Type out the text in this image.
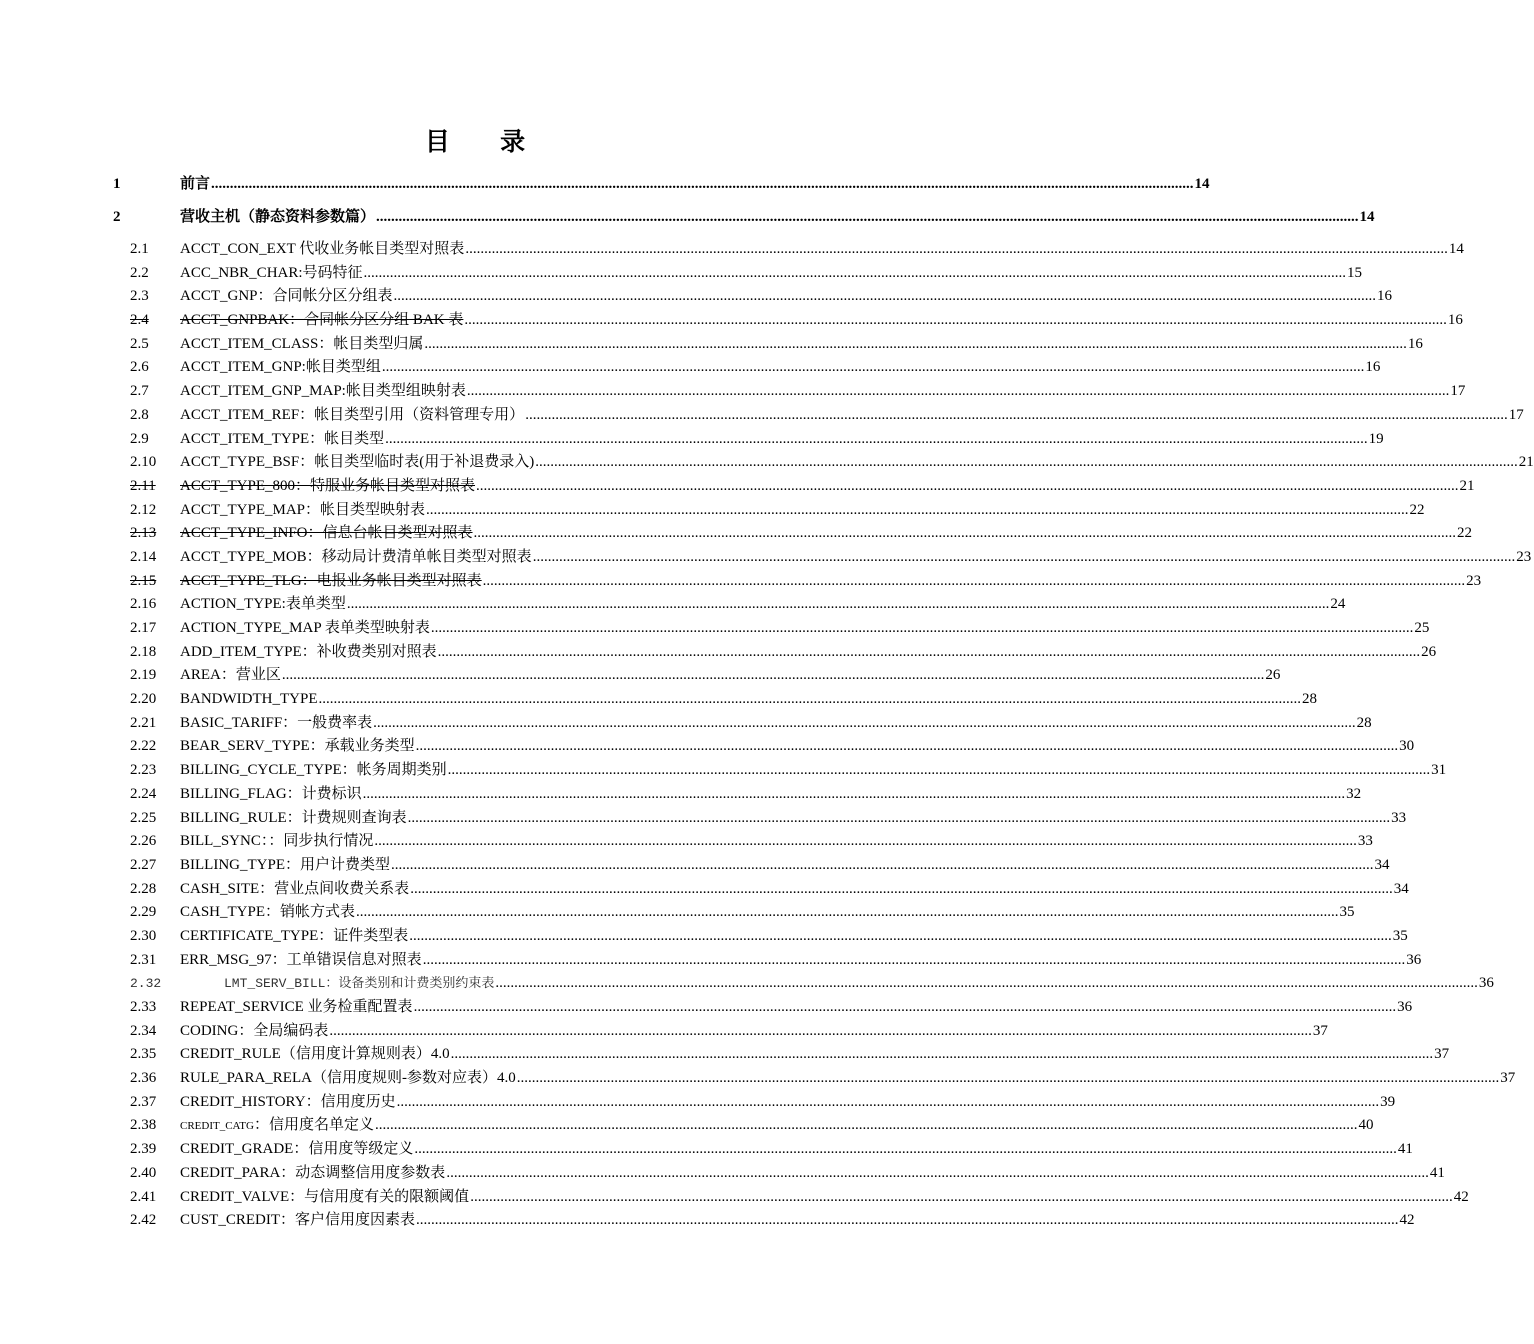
目 录
1	前言 .....	14
2	营收主机（静态资料参数篇） .....	14
2.1	ACCT_CON_EXT 代收业务帐目类型对照表 .....	14
2.2	ACC_NBR_CHAR:号码特征 .....	15
2.3	ACCT_GNP：合同帐分区分组表 .....	16
2.4	ACCT_GNPBAK：合同帐分区分组 BAK 表 .....	16
2.5	ACCT_ITEM_CLASS：帐目类型归属 .....	16
2.6	ACCT_ITEM_GNP:帐目类型组 .....	16
2.7	ACCT_ITEM_GNP_MAP:帐目类型组映射表 .....	17
2.8	ACCT_ITEM_REF：帐目类型引用（资料管理专用） .....	17
2.9	ACCT_ITEM_TYPE：帐目类型 .....	19
2.10	ACCT_TYPE_BSF：帐目类型临时表(用于补退费录入) .....	21
2.11	ACCT_TYPE_800：特服业务帐目类型对照表 .....	21
2.12	ACCT_TYPE_MAP：帐目类型映射表 .....	22
2.13	ACCT_TYPE_INFO：信息台帐目类型对照表 .....	22
2.14	ACCT_TYPE_MOB：移动局计费清单帐目类型对照表 .....	23
2.15	ACCT_TYPE_TLG：电报业务帐目类型对照表 .....	23
2.16	ACTION_TYPE:表单类型 .....	24
2.17	ACTION_TYPE_MAP 表单类型映射表 .....	25
2.18	ADD_ITEM_TYPE：补收费类别对照表 .....	26
2.19	AREA：营业区 .....	26
2.20	BANDWIDTH_TYPE .....	28
2.21	BASIC_TARIFF：一般费率表 .....	28
2.22	BEAR_SERV_TYPE：承载业务类型 .....	30
2.23	BILLING_CYCLE_TYPE：帐务周期类别 .....	31
2.24	BILLING_FLAG：计费标识 .....	32
2.25	BILLING_RULE：计费规则查询表 .....	33
2.26	BILL_SYNC：：同步执行情况 .....	33
2.27	BILLING_TYPE：用户计费类型 .....	34
2.28	CASH_SITE：营业点间收费关系表 .....	34
2.29	CASH_TYPE：销帐方式表 .....	35
2.30	CERTIFICATE_TYPE：证件类型表 .....	35
2.31	ERR_MSG_97：工单错误信息对照表 .....	36
2.32	LMT_SERV_BILL：设备类别和计费类别约束表 .....	36
2.33	REPEAT_SERVICE 业务检重配置表 .....	36
2.34	CODING：全局编码表 .....	37
2.35	CREDIT_RULE（信用度计算规则表）4.0 .....	37
2.36	RULE_PARA_RELA（信用度规则-参数对应表）4.0 .....	37
2.37	CREDIT_HISTORY：信用度历史 .....	39
2.38	CREDIT_CATG：信用度名单定义 .....	40
2.39	CREDIT_GRADE：信用度等级定义 .....	41
2.40	CREDIT_PARA：动态调整信用度参数表 .....	41
2.41	CREDIT_VALVE：与信用度有关的限额阈值 .....	42
2.42	CUST_CREDIT：客户信用度因素表 .....	42
